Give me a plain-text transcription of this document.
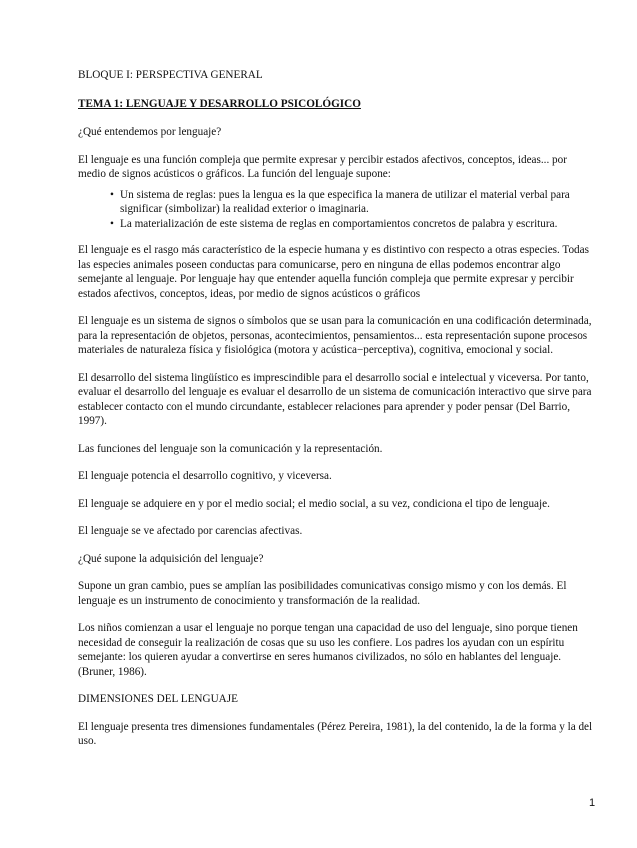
BLOQUE I: PERSPECTIVA GENERAL

TEMA 1: LENGUAJE Y DESARROLLO PSICOLÓGICO

¿Qué entendemos por lenguaje?

El lenguaje es una función compleja que permite expresar y percibir estados afectivos, conceptos, ideas... por medio de signos acústicos o gráficos. La función del lenguaje supone:

• Un sistema de reglas: pues la lengua es la que especifica la manera de utilizar el material verbal para significar (simbolizar) la realidad exterior o imaginaria.
• La materialización de este sistema de reglas en comportamientos concretos de palabra y escritura.

El lenguaje es el rasgo más característico de la especie humana y es distintivo con respecto a otras especies. Todas las especies animales poseen conductas para comunicarse, pero en ninguna de ellas podemos encontrar algo semejante al lenguaje. Por lenguaje hay que entender aquella función compleja que permite expresar y percibir estados afectivos, conceptos, ideas, por medio de signos acústicos o gráficos

El lenguaje es un sistema de signos o símbolos que se usan para la comunicación en una codificación determinada, para la representación de objetos, personas, acontecimientos, pensamientos... esta representación supone procesos materiales de naturaleza física y fisiológica (motora y acústica−perceptiva), cognitiva, emocional y social.

El desarrollo del sistema lingüístico es imprescindible para el desarrollo social e intelectual y viceversa. Por tanto, evaluar el desarrollo del lenguaje es evaluar el desarrollo de un sistema de comunicación interactivo que sirve para establecer contacto con el mundo circundante, establecer relaciones para aprender y poder pensar (Del Barrio, 1997).

Las funciones del lenguaje son la comunicación y la representación.

El lenguaje potencia el desarrollo cognitivo, y viceversa.

El lenguaje se adquiere en y por el medio social; el medio social, a su vez, condiciona el tipo de lenguaje.

El lenguaje se ve afectado por carencias afectivas.

¿Qué supone la adquisición del lenguaje?

Supone un gran cambio, pues se amplían las posibilidades comunicativas consigo mismo y con los demás. El lenguaje es un instrumento de conocimiento y transformación de la realidad.

Los niños comienzan a usar el lenguaje no porque tengan una capacidad de uso del lenguaje, sino porque tienen necesidad de conseguir la realización de cosas que su uso les confiere. Los padres los ayudan con un espíritu semejante: los quieren ayudar a convertirse en seres humanos civilizados, no sólo en hablantes del lenguaje. (Bruner, 1986).

DIMENSIONES DEL LENGUAJE

El lenguaje presenta tres dimensiones fundamentales (Pérez Pereira, 1981), la del contenido, la de la forma y la del uso.

1
